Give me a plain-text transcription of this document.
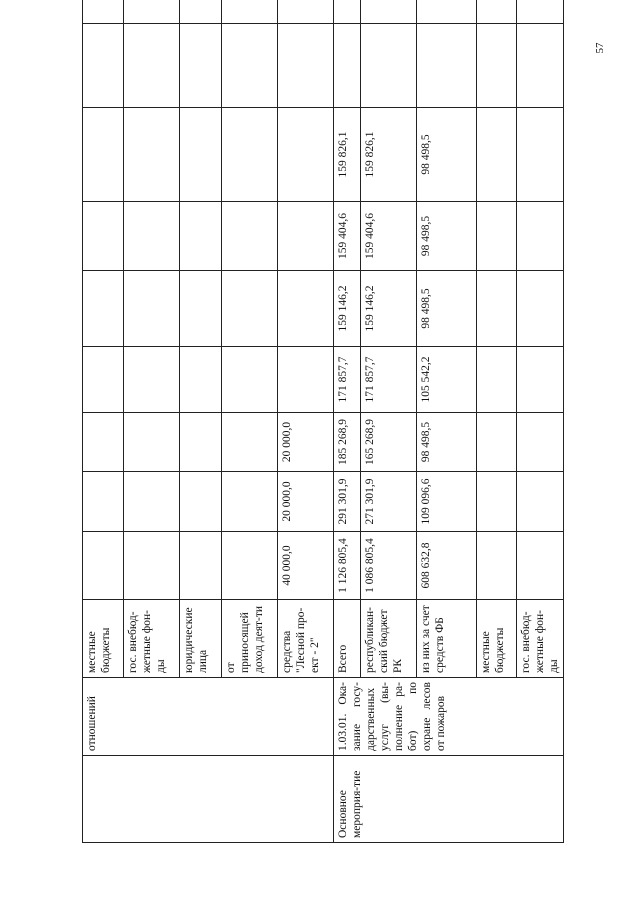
57
	отношений	местные бюджеты										
		гос. внебюд-жетные фон-ды										
		юридические лица										
		от приносящей доход деят-ти										
		средства "Лесной про-ект - 2"	40 000,0	20 000,0	20 000,0							
Основное мероприя-тие	1.03.01. Ока-зание госу-дарственных услуг (вы-полнение ра-бот) по охране лесов от пожаров	Всего	1 126 805,4	291 301,9	185 268,9	171 857,7	159 146,2	159 404,6	159 826,1			
		республикан-ский бюджет РК	1 086 805,4	271 301,9	165 268,9	171 857,7	159 146,2	159 404,6	159 826,1			
		из них за счет средств ФБ	608 632,8	109 096,6	98 498,5	105 542,2	98 498,5	98 498,5	98 498,5			
		местные бюджеты										
		гос. внебюд-жетные фон-ды										
